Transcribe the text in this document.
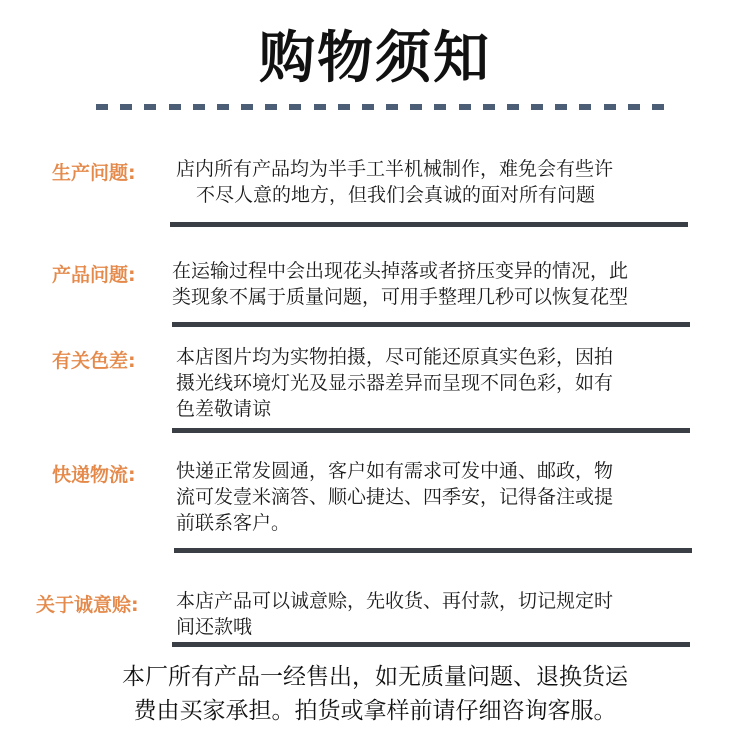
购物须知
生产问题: 店内所有产品均为半手工半机械制作，难免会有些许
不尽人意的地方，但我们会真诚的面对所有问题
产品问题: 在运输过程中会出现花头掉落或者挤压变异的情况，此
类现象不属于质量问题，可用手整理几秒可以恢复花型
有关色差: 本店图片均为实物拍摄，尽可能还原真实色彩，因拍
摄光线环境灯光及显示器差异而呈现不同色彩，如有
色差敬请谅
快递物流: 快递正常发圆通，客户如有需求可发中通、邮政，物
流可发壹米滴答、顺心捷达、四季安，记得备注或提
前联系客户。
关于诚意赊: 本店产品可以诚意赊，先收货、再付款，切记规定时
间还款哦
本厂所有产品一经售出，如无质量问题、退换货运
费由买家承担。拍货或拿样前请仔细咨询客服。
